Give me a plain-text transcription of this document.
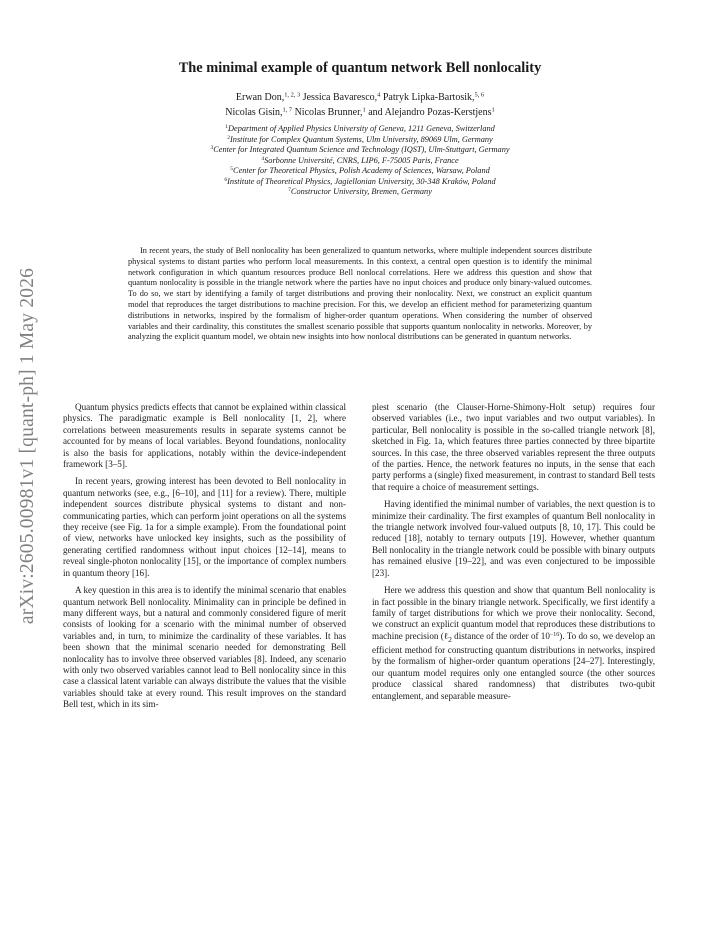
arXiv:2605.00981v1 [quant-ph] 1 May 2026
The minimal example of quantum network Bell nonlocality
Erwan Don,$^{1, 2, 3}$ Jessica Bavaresco,$^4$ Patryk Lipka-Bartosik,$^{5, 6}$
Nicolas Gisin,$^{1, 7}$ Nicolas Brunner,$^1$ and Alejandro Pozas-Kerstjens$^1$
$^1$Department of Applied Physics University of Geneva, 1211 Geneva, Switzerland
$^2$Institute for Complex Quantum Systems, Ulm University, 89069 Ulm, Germany
$^3$Center for Integrated Quantum Science and Technology (IQST), Ulm-Stuttgart, Germany
$^4$Sorbonne Université, CNRS, LIP6, F-75005 Paris, France
$^5$Center for Theoretical Physics, Polish Academy of Sciences, Warsaw, Poland
$^6$Institute of Theoretical Physics, Jagiellonian University, 30-348 Kraków, Poland
$^7$Constructor University, Bremen, Germany

In recent years, the study of Bell nonlocality has been generalized to quantum networks, where multiple independent sources distribute physical systems to distant parties who perform local measurements. In this context, a central open question is to identify the minimal network configuration in which quantum resources produce Bell nonlocal correlations. Here we address this question and show that quantum nonlocality is possible in the triangle network where the parties have no input choices and produce only binary-valued outcomes. To do so, we start by identifying a family of target distributions and proving their nonlocality. Next, we construct an explicit quantum model that reproduces the target distributions to machine precision. For this, we develop an efficient method for parameterizing quantum distributions in networks, inspired by the formalism of higher-order quantum operations. When considering the number of observed variables and their cardinality, this constitutes the smallest scenario possible that supports quantum nonlocality in networks. Moreover, by analyzing the explicit quantum model, we obtain new insights into how nonlocal distributions can be generated in quantum networks.

Quantum physics predicts effects that cannot be explained within classical physics. The paradigmatic example is Bell nonlocality [1, 2], where correlations between measurements results in separate systems cannot be accounted for by means of local variables. Beyond foundations, nonlocality is also the basis for applications, notably within the device-independent framework [3–5].

In recent years, growing interest has been devoted to Bell nonlocality in quantum networks (see, e.g., [6–10], and [11] for a review). There, multiple independent sources distribute physical systems to distant and non-communicating parties, which can perform joint operations on all the systems they receive (see Fig. 1a for a simple example). From the foundational point of view, networks have unlocked key insights, such as the possibility of generating certified randomness without input choices [12–14], means to reveal single-photon nonlocality [15], or the importance of complex numbers in quantum theory [16].

A key question in this area is to identify the minimal scenario that enables quantum network Bell nonlocality. Minimality can in principle be defined in many different ways, but a natural and commonly considered figure of merit consists of looking for a scenario with the minimal number of observed variables and, in turn, to minimize the cardinality of these variables. It has been shown that the minimal scenario needed for demonstrating Bell nonlocality has to involve three observed variables [8]. Indeed, any scenario with only two observed variables cannot lead to Bell nonlocality since in this case a classical latent variable can always distribute the values that the visible variables should take at every round. This result improves on the standard Bell test, which in its sim-

plest scenario (the Clauser-Horne-Shimony-Holt setup) requires four observed variables (i.e., two input variables and two output variables). In particular, Bell nonlocality is possible in the so-called triangle network [8], sketched in Fig. 1a, which features three parties connected by three bipartite sources. In this case, the three observed variables represent the three outputs of the parties. Hence, the network features no inputs, in the sense that each party performs a (single) fixed measurement, in contrast to standard Bell tests that require a choice of measurement settings.

Having identified the minimal number of variables, the next question is to minimize their cardinality. The first examples of quantum Bell nonlocality in the triangle network involved four-valued outputs [8, 10, 17]. This could be reduced [18], notably to ternary outputs [19]. However, whether quantum Bell nonlocality in the triangle network could be possible with binary outputs has remained elusive [19–22], and was even conjectured to be impossible [23].

Here we address this question and show that quantum Bell nonlocality is in fact possible in the binary triangle network. Specifically, we first identify a family of target distributions for which we prove their nonlocality. Second, we construct an explicit quantum model that reproduces these distributions to machine precision (ℓ$_2$ distance of the order of $10^{-16}$). To do so, we develop an efficient method for constructing quantum distributions in networks, inspired by the formalism of higher-order quantum operations [24–27]. Interestingly, our quantum model requires only one entangled source (the other sources produce classical shared randomness) that distributes two-qubit entanglement, and separable measure-
